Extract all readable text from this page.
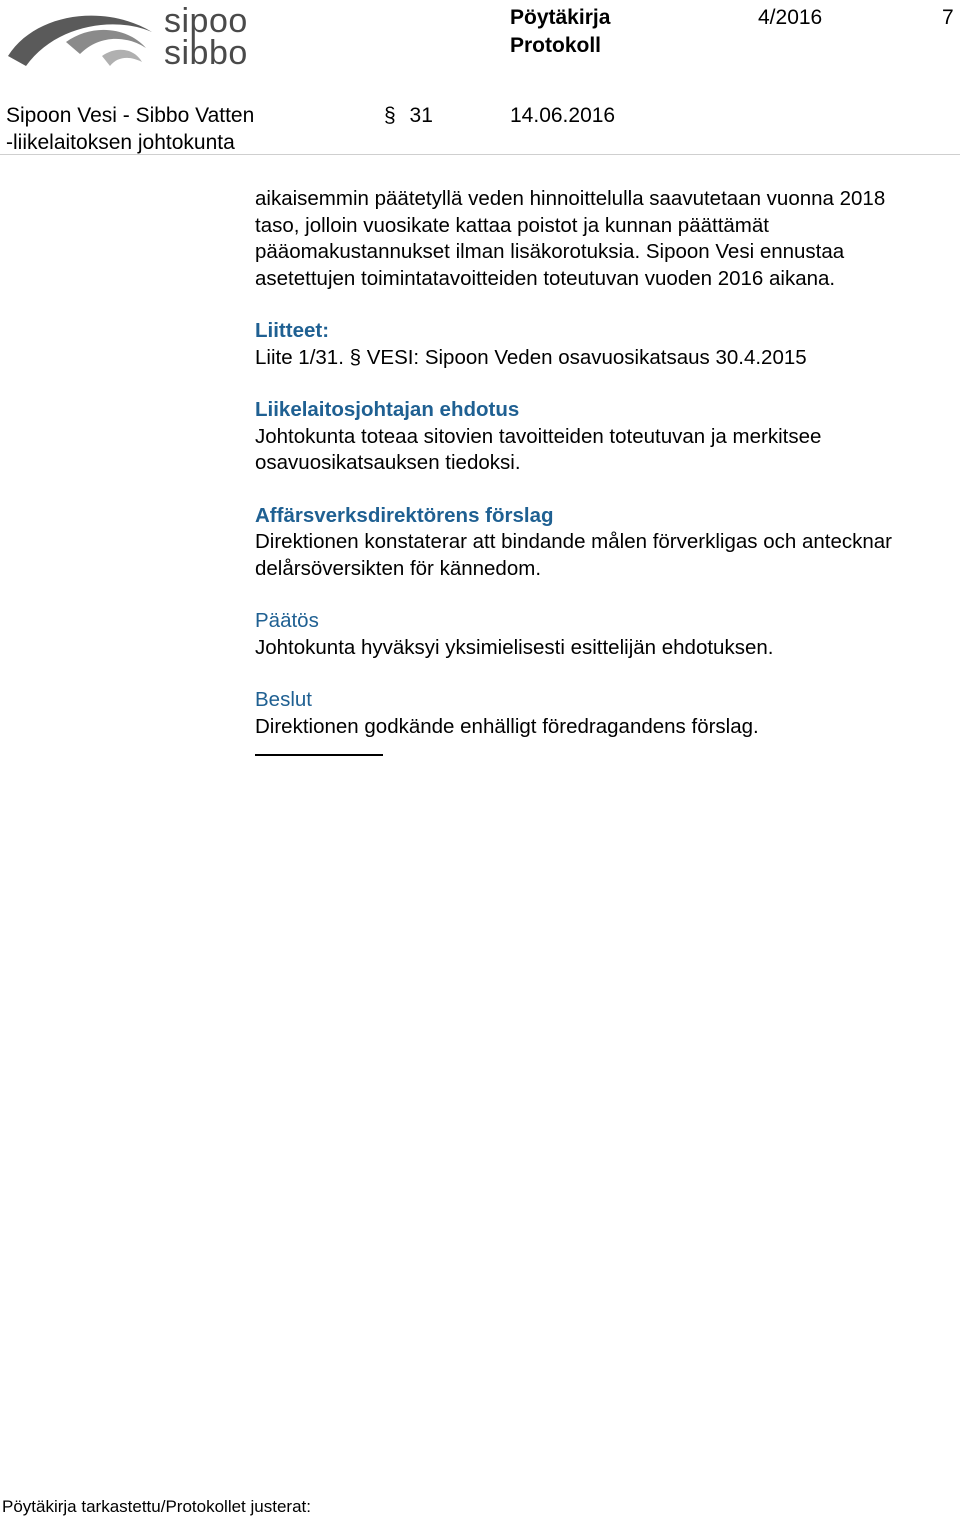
sipoo
sibbo
Pöytäkirja
Protokoll
4/2016	7
Sipoon Vesi - Sibbo Vatten
-liikelaitoksen johtokunta
§ 31	14.06.2016

aikaisemmin päätetyllä veden hinnoittelulla saavutetaan vuonna 2018 taso, jolloin vuosikate kattaa poistot ja kunnan päättämät pääomakustannukset ilman lisäkorotuksia. Sipoon Vesi ennustaa asetettujen toimintatavoitteiden toteutuvan vuoden 2016 aikana.

Liitteet:
Liite 1/31. § VESI: Sipoon Veden osavuosikatsaus 30.4.2015
Liikelaitosjohtajan ehdotus

Johtokunta toteaa sitovien tavoitteiden toteutuvan ja merkitsee osavuosikatsauksen tiedoksi.

Affärsverksdirektörens förslag

Direktionen konstaterar att bindande målen förverkligas och antecknar delårsöversikten för kännedom.

Päätös

Johtokunta hyväksyi yksimielisesti esittelijän ehdotuksen.

Beslut

Direktionen godkände enhälligt föredragandens förslag.

Pöytäkirja tarkastettu/Protokollet justerat:
